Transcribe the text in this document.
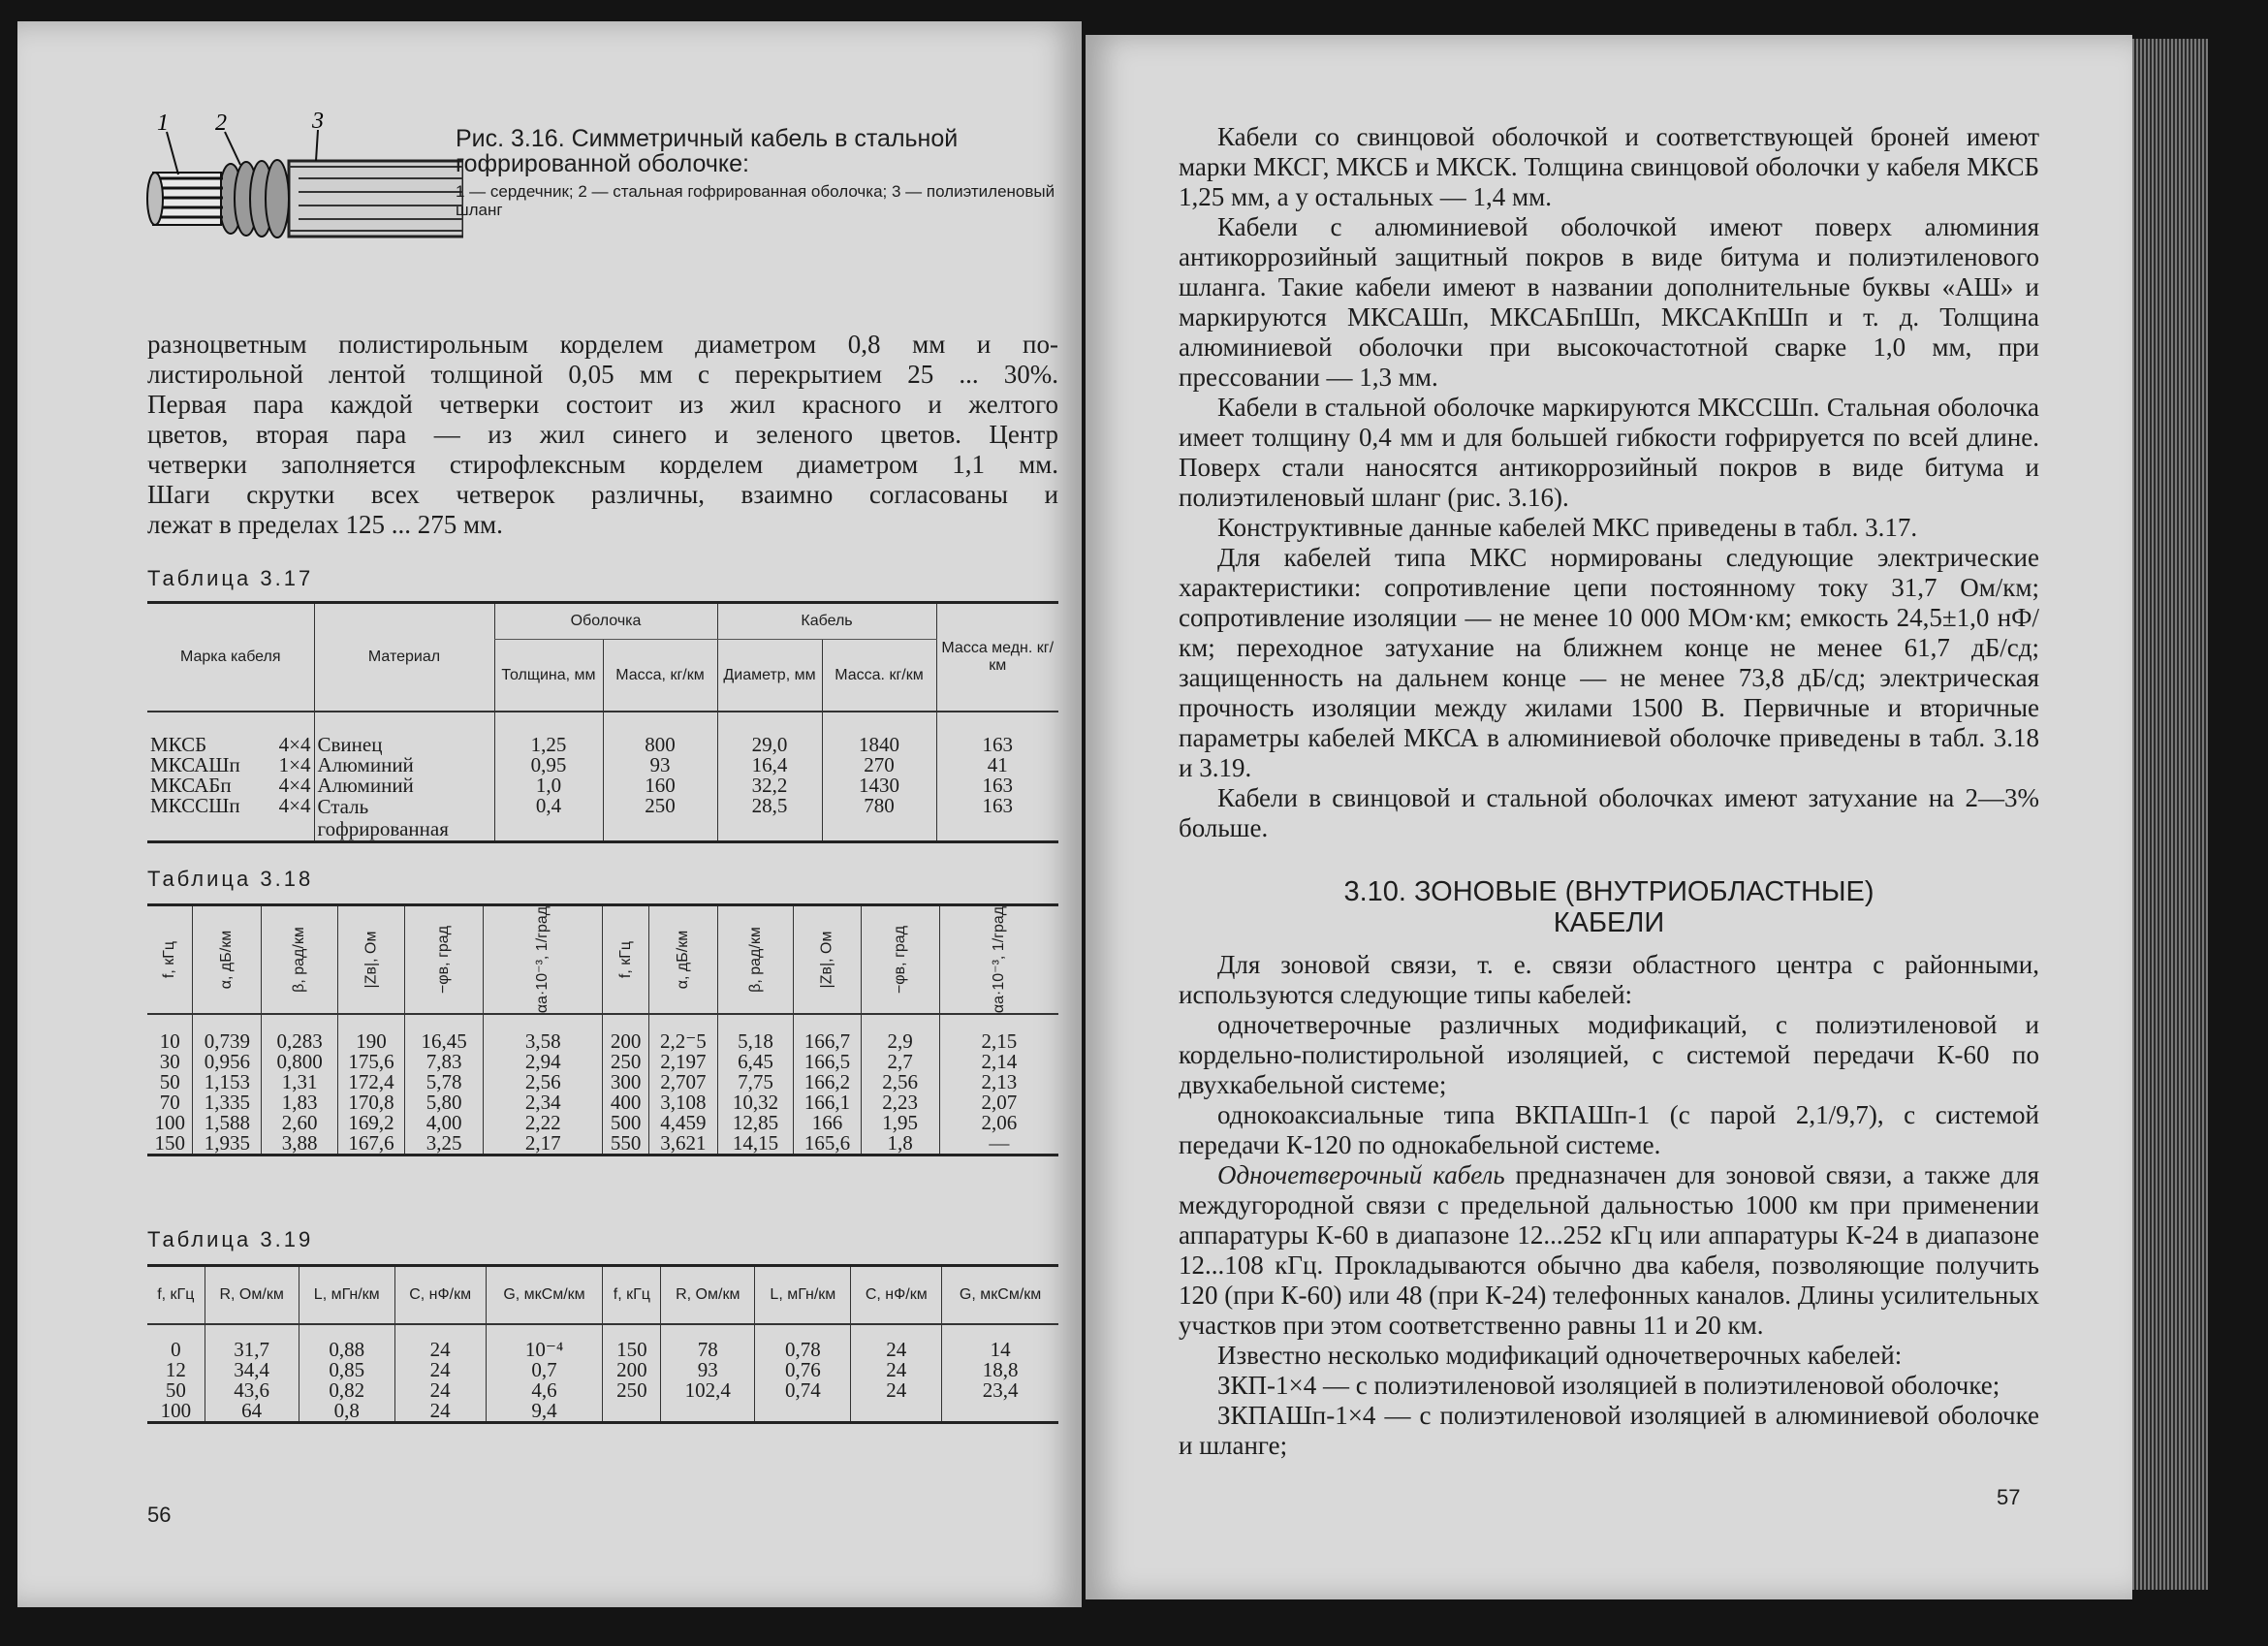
1 2	3
Рис. 3.16. Симметричный кабель в стальной гофрированной оболочке:
1 — сердечник; 2 — стальная гофрированная оболочка; 3 — полиэтиленовый шланг
разноцветным полистирольным корделем диаметром 0,8 мм и по-
листирольной лентой толщиной 0,05 мм с перекрытием 25 ... 30%.
Первая пара каждой четверки состоит из жил красного и желтого
цветов, вторая пара — из жил синего и зеленого цветов. Центр
четверки заполняется стирофлексным корделем диаметром 1,1 мм.
Шаги скрутки всех четверок различны, взаимно согласованы и
лежат в пределах 125 ... 275 мм.
Таблица 3.17
Марка кабеля	Материал	Оболочка		Кабель		Масса медн. кг/км
		Толщина, мм	Масса, кг/км	Диаметр, мм	Масса. кг/км	

МКСБ 4×4	Свинец	1,25	800	29,0	1840	163
МКСАШп 1×4	Алюминий	0,95	93	16,4	270	41
МКСАБп 4×4	Алюминий	1,0	160	32,2	1430	163
МКССШп 4×4	Сталь гофрированная	0,4	250	28,5	780	163
Таблица 3.18
f, кГц	α, дБ/км	β, рад/км	|Zв|, Ом	−φв, град	αа·10⁻³, 1/град	f, кГц	α, дБ/км	β, рад/км	|Zв|, Ом	−φв, град	αа·10⁻³, 1/град

10	0,739	0,283	190	16,45	3,58	200	2,2⁻5	5,18	166,7	2,9	2,15
30	0,956	0,800	175,6	7,83	2,94	250	2,197	6,45	166,5	2,7	2,14
50	1,153	1,31	172,4	5,78	2,56	300	2,707	7,75	166,2	2,56	2,13
70	1,335	1,83	170,8	5,80	2,34	400	3,108	10,32	166,1	2,23	2,07
100	1,588	2,60	169,2	4,00	2,22	500	4,459	12,85	166	1,95	2,06
150	1,935	3,88	167,6	3,25	2,17	550	3,621	14,15	165,6	1,8	—
Таблица 3.19
f, кГц	R, Ом/км	L, мГн/км	C, нФ/км	G, мкСм/км	f, кГц	R, Ом/км	L, мГн/км	C, нФ/км	G, мкСм/км

0	31,7	0,88	24	10⁻⁴	150	78	0,78	24	14
12	34,4	0,85	24	0,7	200	93	0,76	24	18,8
50	43,6	0,82	24	4,6	250	102,4	0,74	24	23,4
100	64	0,8	24	9,4					
56

Кабели со свинцовой оболочкой и соответствующей броней имеют марки МКСГ, МКСБ и МКСК. Толщина свинцовой оболочки у кабеля МКСБ 1,25 мм, а у остальных — 1,4 мм.

Кабели с алюминиевой оболочкой имеют поверх алюминия антикоррозийный защитный покров в виде битума и полиэтиленового шланга. Такие кабели имеют в названии дополнительные буквы «АШ» и маркируются МКСАШп, МКСАБпШп, МКСАКпШп и т. д. Толщина алюминиевой оболочки при высокочастотной сварке 1,0 мм, при прессовании — 1,3 мм.

Кабели в стальной оболочке маркируются МКССШп. Стальная оболочка имеет толщину 0,4 мм и для большей гибкости гофрируется по всей длине. Поверх стали наносятся антикоррозийный покров в виде битума и полиэтиленовый шланг (рис. 3.16).

Конструктивные данные кабелей МКС приведены в табл. 3.17.

Для кабелей типа МКС нормированы следующие электрические характеристики: сопротивление цепи постоянному току 31,7 Ом/км; сопротивление изоляции — не менее 10 000 МОм·км; емкость 24,5±1,0 нФ/км; переходное затухание на ближнем конце не менее 61,7 дБ/сд; защищенность на дальнем конце — не менее 73,8 дБ/сд; электрическая прочность изоляции между жилами 1500 В. Первичные и вторичные параметры кабелей МКСА в алюминиевой оболочке приведены в табл. 3.18 и 3.19.

Кабели в свинцовой и стальной оболочках имеют затухание на 2—3% больше.

3.10. ЗОНОВЫЕ (ВНУТРИОБЛАСТНЫЕ)
КАБЕЛИ

Для зоновой связи, т. е. связи областного центра с районными, используются следующие типы кабелей:

одночетверочные различных модификаций, с полиэтиленовой и кордельно-полистирольной изоляцией, с системой передачи К-60 по двухкабельной системе;

однокоаксиальные типа ВКПАШп-1 (с парой 2,1/9,7), с системой передачи К-120 по однокабельной системе.

Одночетверочный кабель предназначен для зоновой связи, а также для междугородной связи с предельной дальностью 1000 км при применении аппаратуры К-60 в диапазоне 12...252 кГц или аппаратуры К-24 в диапазоне 12...108 кГц. Прокладываются обычно два кабеля, позволяющие получить 120 (при К-60) или 48 (при К-24) телефонных каналов. Длины усилительных участков при этом соответственно равны 11 и 20 км.

Известно несколько модификаций одночетверочных кабелей:

ЗКП-1×4 — с полиэтиленовой изоляцией в полиэтиленовой оболочке;

ЗКПАШп-1×4 — с полиэтиленовой изоляцией в алюминиевой оболочке и шланге;

57
